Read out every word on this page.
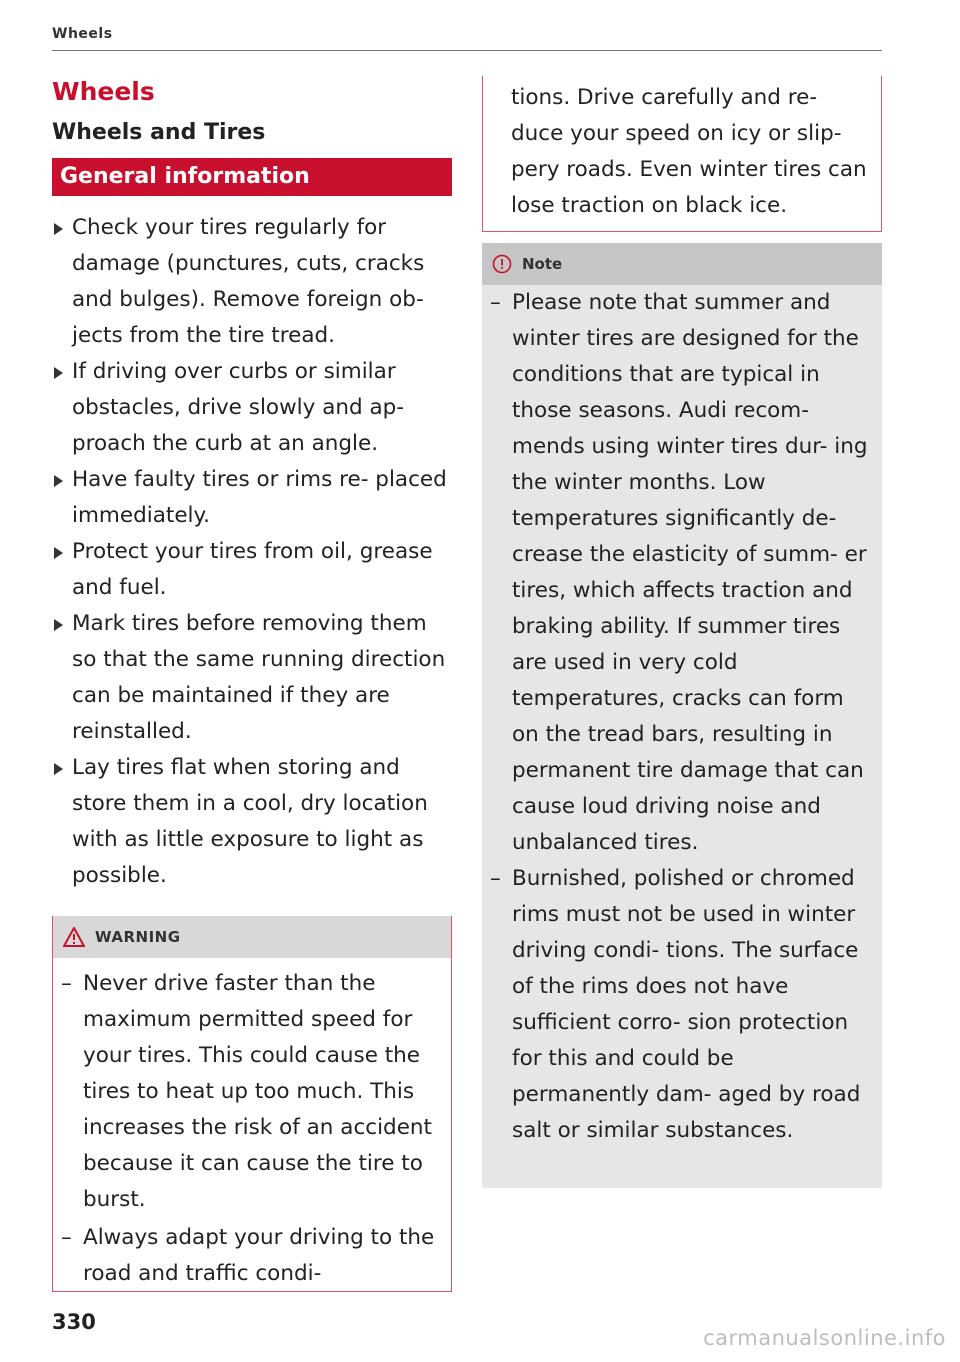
Wheels
Wheels
Wheels and Tires
General information
Check your tires regularly for damage (punctures, cuts, cracks and bulges). Remove foreign ob- jects from the tire tread.
If driving over curbs or similar obstacles, drive slowly and ap- proach the curb at an angle.
Have faulty tires or rims re- placed immediately.
Protect your tires from oil, grease and fuel.
Mark tires before removing them so that the same running direction can be maintained if they are reinstalled.
Lay tires flat when storing and store them in a cool, dry location with as little exposure to light as possible.
WARNING
– Never drive faster than the maximum permitted speed for your tires. This could cause the tires to heat up too much. This increases the risk of an accident because it can cause the tire to burst.
– Always adapt your driving to the road and traffic condi-

tions. Drive carefully and re- duce your speed on icy or slip- pery roads. Even winter tires can lose traction on black ice.

Note
– Please note that summer and winter tires are designed for the conditions that are typical in those seasons. Audi recom- mends using winter tires dur- ing the winter months. Low temperatures significantly de- crease the elasticity of summ- er tires, which affects traction and braking ability. If summer tires are used in very cold temperatures, cracks can form on the tread bars, resulting in permanent tire damage that can cause loud driving noise and unbalanced tires.
– Burnished, polished or chromed rims must not be used in winter driving condi- tions. The surface of the rims does not have sufficient corro- sion protection for this and could be permanently dam- aged by road salt or similar substances.
330
carmanualsonline.info
